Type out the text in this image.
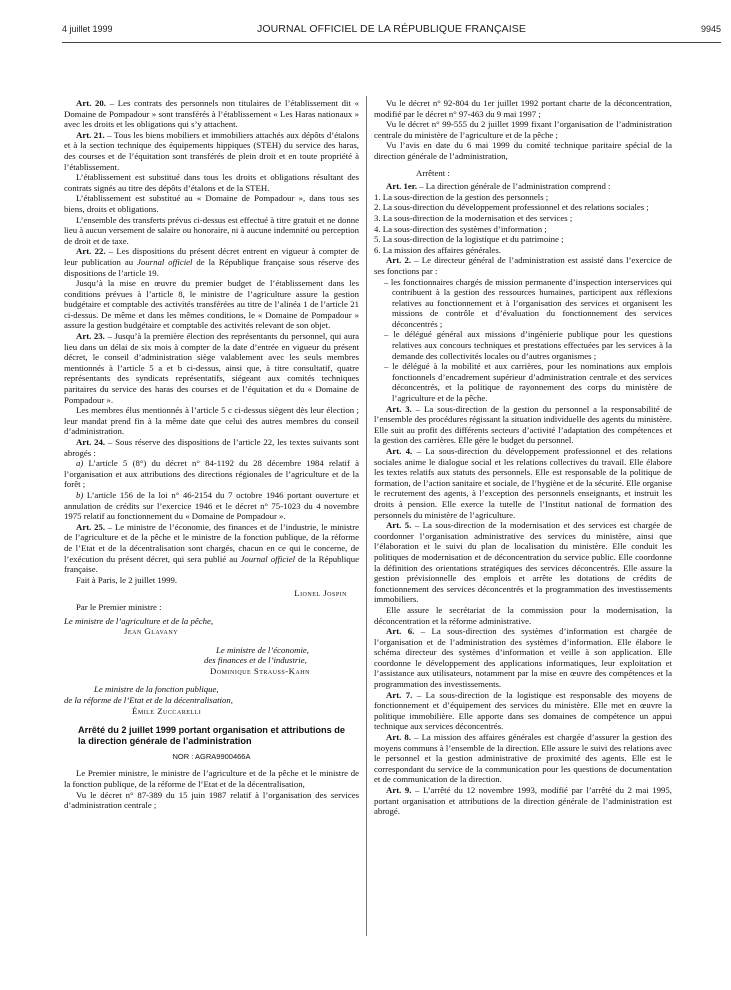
4 juillet 1999	JOURNAL OFFICIEL DE LA RÉPUBLIQUE FRANÇAISE	9945

Art. 20. – Les contrats des personnels non titulaires de l’établissement dit « Domaine de Pompadour » sont transférés à l’établissement « Les Haras nationaux » avec les droits et les obligations qui s’y attachent.

Art. 21. – Tous les biens mobiliers et immobiliers attachés aux dépôts d’étalons et à la section technique des équipements hippiques (STEH) du service des haras, des courses et de l’équitation sont transférés de plein droit et en toute propriété à l’établissement.

L’établissement est substitué dans tous les droits et obligations résultant des contrats signés au titre des dépôts d’étalons et de la STEH.

L’établissement est substitué au « Domaine de Pompadour », dans tous ses biens, droits et obligations.

L’ensemble des transferts prévus ci-dessus est effectué à titre gratuit et ne donne lieu à aucun versement de salaire ou honoraire, ni à aucune indemnité ou perception de droit et de taxe.

Art. 22. – Les dispositions du présent décret entrent en vigueur à compter de leur publication au Journal officiel de la République française sous réserve des dispositions de l’article 19.

Jusqu’à la mise en œuvre du premier budget de l’établissement dans les conditions prévues à l’article 8, le ministre de l’agriculture assure la gestion budgétaire et comptable des activités transférées au titre de l’alinéa 1 de l’article 21 ci-dessus. De même et dans les mêmes conditions, le « Domaine de Pompadour » assure la gestion budgétaire et comptable des activités relevant de son objet.

Art. 23. – Jusqu’à la première élection des représentants du personnel, qui aura lieu dans un délai de six mois à compter de la date d’entrée en vigueur du présent décret, le conseil d’administration siège valablement avec les seuls membres mentionnés à l’article 5 a et b ci-dessus, ainsi que, à titre consultatif, quatre représentants des syndicats représentatifs, siégeant aux comités techniques paritaires du service des haras des courses et de l’équitation et du « Domaine de Pompadour ».

Les membres élus mentionnés à l’article 5 c ci-dessus siègent dès leur élection ; leur mandat prend fin à la même date que celui des autres membres du conseil d’administration.

Art. 24. – Sous réserve des dispositions de l’article 22, les textes suivants sont abrogés :

a) L’article 5 (8°) du décret n° 84-1192 du 28 décembre 1984 relatif à l’organisation et aux attributions des directions régionales de l’agriculture et de la forêt ;

b) L’article 156 de la loi n° 46-2154 du 7 octobre 1946 portant ouverture et annulation de crédits sur l’exercice 1946 et le décret n° 75-1023 du 4 novembre 1975 relatif au fonctionnement du « Domaine de Pompadour ».

Art. 25. – Le ministre de l’économie, des finances et de l’industrie, le ministre de l’agriculture et de la pêche et le ministre de la fonction publique, de la réforme de l’Etat et de la décentralisation sont chargés, chacun en ce qui le concerne, de l’exécution du présent décret, qui sera publié au Journal officiel de la République française.

Fait à Paris, le 2 juillet 1999.

Lionel Jospin

Par le Premier ministre :

Le ministre de l’agriculture et de la pêche,

Jean Glavany

Le ministre de l’économie,

des finances et de l’industrie,

Dominique Strauss-Kahn

Le ministre de la fonction publique,

de la réforme de l’Etat et de la décentralisation,

Émile Zuccarelli

Arrêté du 2 juillet 1999 portant organisation et attributions de la direction générale de l’administration

NOR : AGRA9900466A

Le Premier ministre, le ministre de l’agriculture et de la pêche et le ministre de la fonction publique, de la réforme de l’Etat et de la décentralisation,

Vu le décret n° 87-389 du 15 juin 1987 relatif à l’organisation des services d’administration centrale ;

Vu le décret n° 92-804 du 1er juillet 1992 portant charte de la déconcentration, modifié par le décret n° 97-463 du 9 mai 1997 ;

Vu le décret n° 99-555 du 2 juillet 1999 fixant l’organisation de l’administration centrale du ministère de l’agriculture et de la pêche ;

Vu l’avis en date du 6 mai 1999 du comité technique paritaire spécial de la direction générale de l’administration,

Arrêtent :

Art. 1er. – La direction générale de l’administration comprend :

1. La sous-direction de la gestion des personnels ;

2. La sous-direction du développement professionnel et des relations sociales ;

3. La sous-direction de la modernisation et des services ;

4. La sous-direction des systèmes d’information ;

5. La sous-direction de la logistique et du patrimoine ;

6. La mission des affaires générales.

Art. 2. – Le directeur général de l’administration est assisté dans l’exercice de ses fonctions par :

– les fonctionnaires chargés de mission permanente d’inspection interservices qui contribuent à la gestion des ressources humaines, participent aux réflexions relatives au fonctionnement et à l’organisation des services et organisent les missions de contrôle et d’évaluation du fonctionnement des services déconcentrés ;

– le délégué général aux missions d’ingénierie publique pour les questions relatives aux concours techniques et prestations effectuées par les services à la demande des collectivités locales ou d’autres organismes ;

– le délégué à la mobilité et aux carrières, pour les nominations aux emplois fonctionnels d’encadrement supérieur d’administration centrale et des services déconcentrés, et la politique de rayonnement des corps du ministère de l’agriculture et de la pêche.

Art. 3. – La sous-direction de la gestion du personnel a la responsabilité de l’ensemble des procédures régissant la situation individuelle des agents du ministère. Elle suit au profit des différents secteurs d’activité l’adaptation des compétences et la gestion des carrières. Elle gère le budget du personnel.

Art. 4. – La sous-direction du développement professionnel et des relations sociales anime le dialogue social et les relations collectives du travail. Elle élabore les textes relatifs aux statuts des personnels. Elle est responsable de la politique de formation, de l’action sanitaire et sociale, de l’hygiène et de la sécurité. Elle organise le recrutement des agents, à l’exception des personnels enseignants, et instruit les droits à pension. Elle exerce la tutelle de l’Institut national de formation des personnels du ministère de l’agriculture.

Art. 5. – La sous-direction de la modernisation et des services est chargée de coordonner l’organisation administrative des services du ministère, ainsi que l’élaboration et le suivi du plan de localisation du ministère. Elle conduit les politiques de modernisation et de déconcentration du service public. Elle coordonne la définition des orientations stratégiques des services déconcentrés. Elle assure la gestion prévisionnelle des emplois et arrête les dotations de crédits de fonctionnement des services déconcentrés et la programmation des investissements immobiliers.

Elle assure le secrétariat de la commission pour la modernisation, la déconcentration et la réforme administrative.

Art. 6. – La sous-direction des systèmes d’information est chargée de l’organisation et de l’administration des systèmes d’information. Elle élabore le schéma directeur des systèmes d’information et veille à son application. Elle coordonne le développement des applications informatiques, leur exploitation et l’assistance aux utilisateurs, notamment par la mise en œuvre des compétences et la programmation des investissements.

Art. 7. – La sous-direction de la logistique est responsable des moyens de fonctionnement et d’équipement des services du ministère. Elle met en œuvre la politique immobilière. Elle apporte dans ses domaines de compétence un appui technique aux services déconcentrés.

Art. 8. – La mission des affaires générales est chargée d’assurer la gestion des moyens communs à l’ensemble de la direction. Elle assure le suivi des relations avec le personnel et la gestion administrative de proximité des agents. Elle est le correspondant du service de la communication pour les questions de documentation et de communication de la direction.

Art. 9. – L’arrêté du 12 novembre 1993, modifié par l’arrêté du 2 mai 1995, portant organisation et attributions de la direction générale de l’administration est abrogé.
